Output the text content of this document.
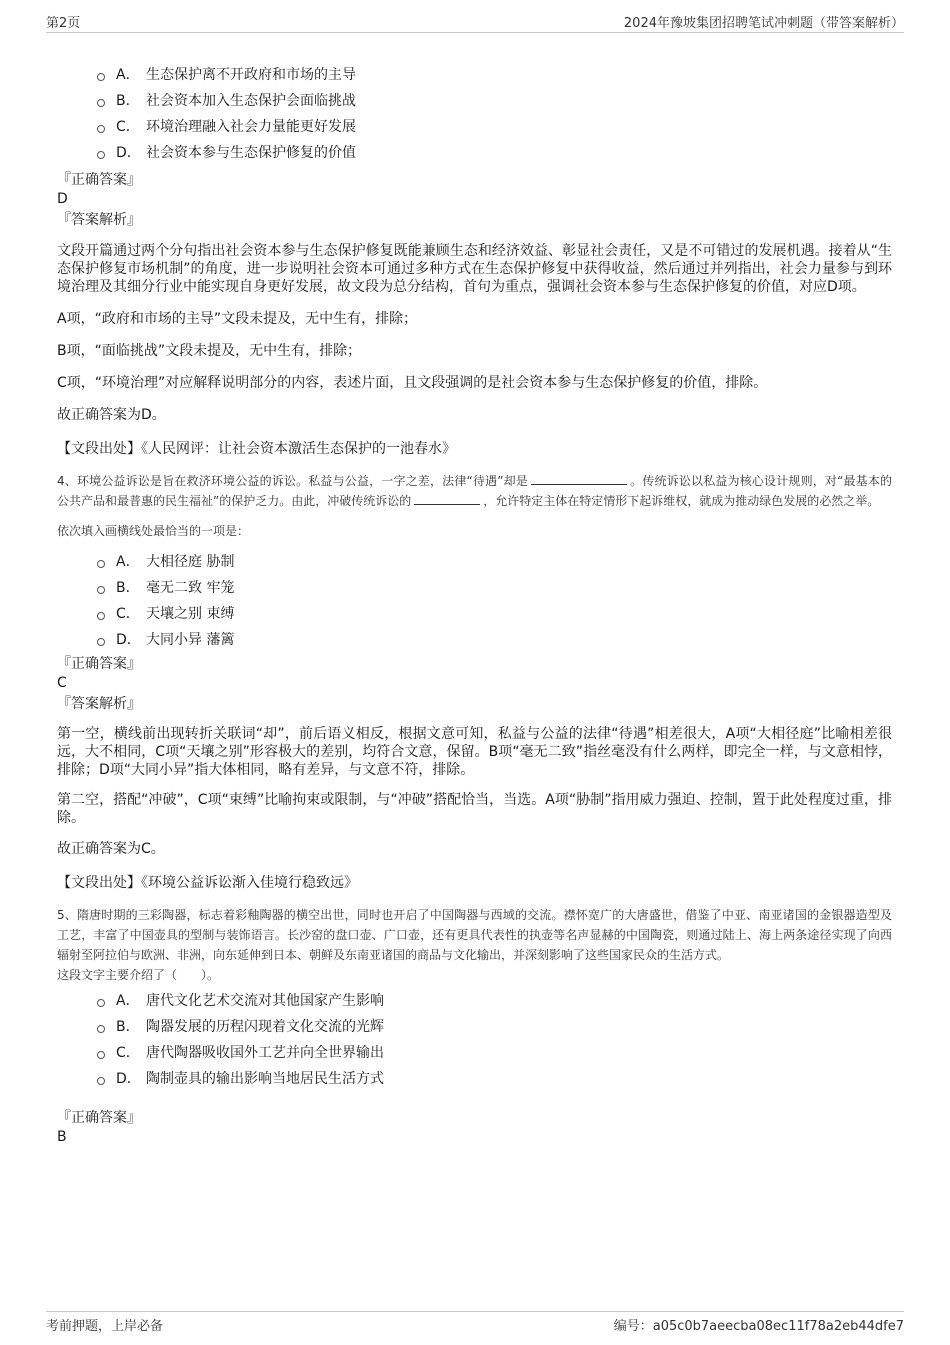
第2页	2024年豫坡集团招聘笔试冲刺题（带答案解析）
A． 生态保护离不开政府和市场的主导
B． 社会资本加入生态保护会面临挑战
C． 环境治理融入社会力量能更好发展
D． 社会资本参与生态保护修复的价值
『正确答案』
D
『答案解析』

文段开篇通过两个分句指出社会资本参与生态保护修复既能兼顾生态和经济效益、彰显社会责任，又是不可错过的发展机遇。接着从“生态保护修复市场机制”的角度，进一步说明社会资本可通过多种方式在生态保护修复中获得收益，然后通过并列指出，社会力量参与到环境治理及其细分行业中能实现自身更好发展，故文段为总分结构，首句为重点，强调社会资本参与生态保护修复的价值，对应D项。

A项，“政府和市场的主导”文段未提及，无中生有，排除；

B项，“面临挑战”文段未提及，无中生有，排除；

C项，“环境治理”对应解释说明部分的内容，表述片面，且文段强调的是社会资本参与生态保护修复的价值，排除。

故正确答案为D。

【文段出处】《人民网评：让社会资本激活生态保护的一池春水》

4、环境公益诉讼是旨在救济环境公益的诉讼。私益与公益，一字之差，法律“待遇”却是	。传统诉讼以私益为核心设计规则，对“最基本的公共产品和最普惠的民生福祉”的保护乏力。由此，冲破传统诉讼的	，允许特定主体在特定情形下起诉维权，就成为推动绿色发展的必然之举。
依次填入画横线处最恰当的一项是：
A． 大相径庭 胁制
B． 毫无二致 牢笼
C． 天壤之别 束缚
D． 大同小异 藩篱
『正确答案』
C
『答案解析』

第一空，横线前出现转折关联词“却”，前后语义相反，根据文意可知，私益与公益的法律“待遇”相差很大，A项“大相径庭”比喻相差很远，大不相同，C项“天壤之别”形容极大的差别，均符合文意，保留。B项“毫无二致”指丝毫没有什么两样，即完全一样，与文意相悖，排除；D项“大同小异”指大体相同，略有差异，与文意不符，排除。

第二空，搭配“冲破”，C项“束缚”比喻拘束或限制，与“冲破”搭配恰当，当选。A项“胁制”指用威力强迫、控制，置于此处程度过重，排除。

故正确答案为C。

【文段出处】《环境公益诉讼渐入佳境行稳致远》

5、隋唐时期的三彩陶器，标志着彩釉陶器的横空出世，同时也开启了中国陶器与西域的交流。襟怀宽广的大唐盛世，借鉴了中亚、南亚诸国的金银器造型及工艺，丰富了中国壶具的型制与装饰语言。长沙窑的盘口壶、广口壶，还有更具代表性的执壶等名声显赫的中国陶瓷，则通过陆上、海上两条途径实现了向西辐射至阿拉伯与欧洲、非洲，向东延伸到日本、朝鲜及东南亚诸国的商品与文化输出，并深刻影响了这些国家民众的生活方式。
这段文字主要介绍了（　　）。
A． 唐代文化艺术交流对其他国家产生影响
B． 陶器发展的历程闪现着文化交流的光辉
C． 唐代陶器吸收国外工艺并向全世界输出
D． 陶制壶具的输出影响当地居民生活方式
『正确答案』
B
考前押题，上岸必备	编号：a05c0b7aeecba08ec11f78a2eb44dfe7
